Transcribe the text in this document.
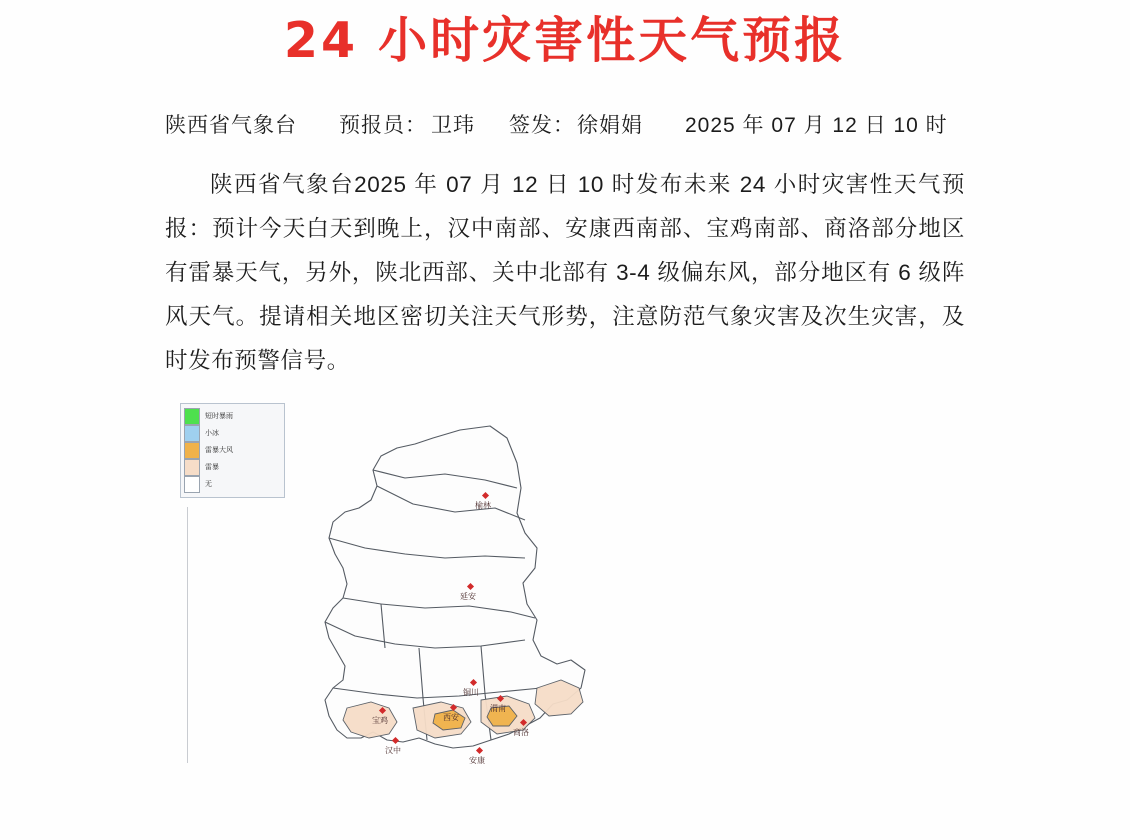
24 小时灾害性天气预报
陕西省气象台 预报员： 卫玮 签发： 徐娟娟 2025 年 07 月 12 日 10 时
陕西省气象台2025 年 07 月 12 日 10 时发布未来 24 小时灾害性天气预报：预计今天白天到晚上，汉中南部、安康西南部、宝鸡南部、商洛部分地区有雷暴天气，另外，陕北西部、关中北部有 3-4 级偏东风，部分地区有 6 级阵风天气。提请相关地区密切关注天气形势，注意防范气象灾害及次生灾害，及时发布预警信号。
短时暴雨
小冰
雷暴大风
雷暴
无
榆林
延安
铜川
宝鸡	西安
渭南
商洛
汉中
安康
